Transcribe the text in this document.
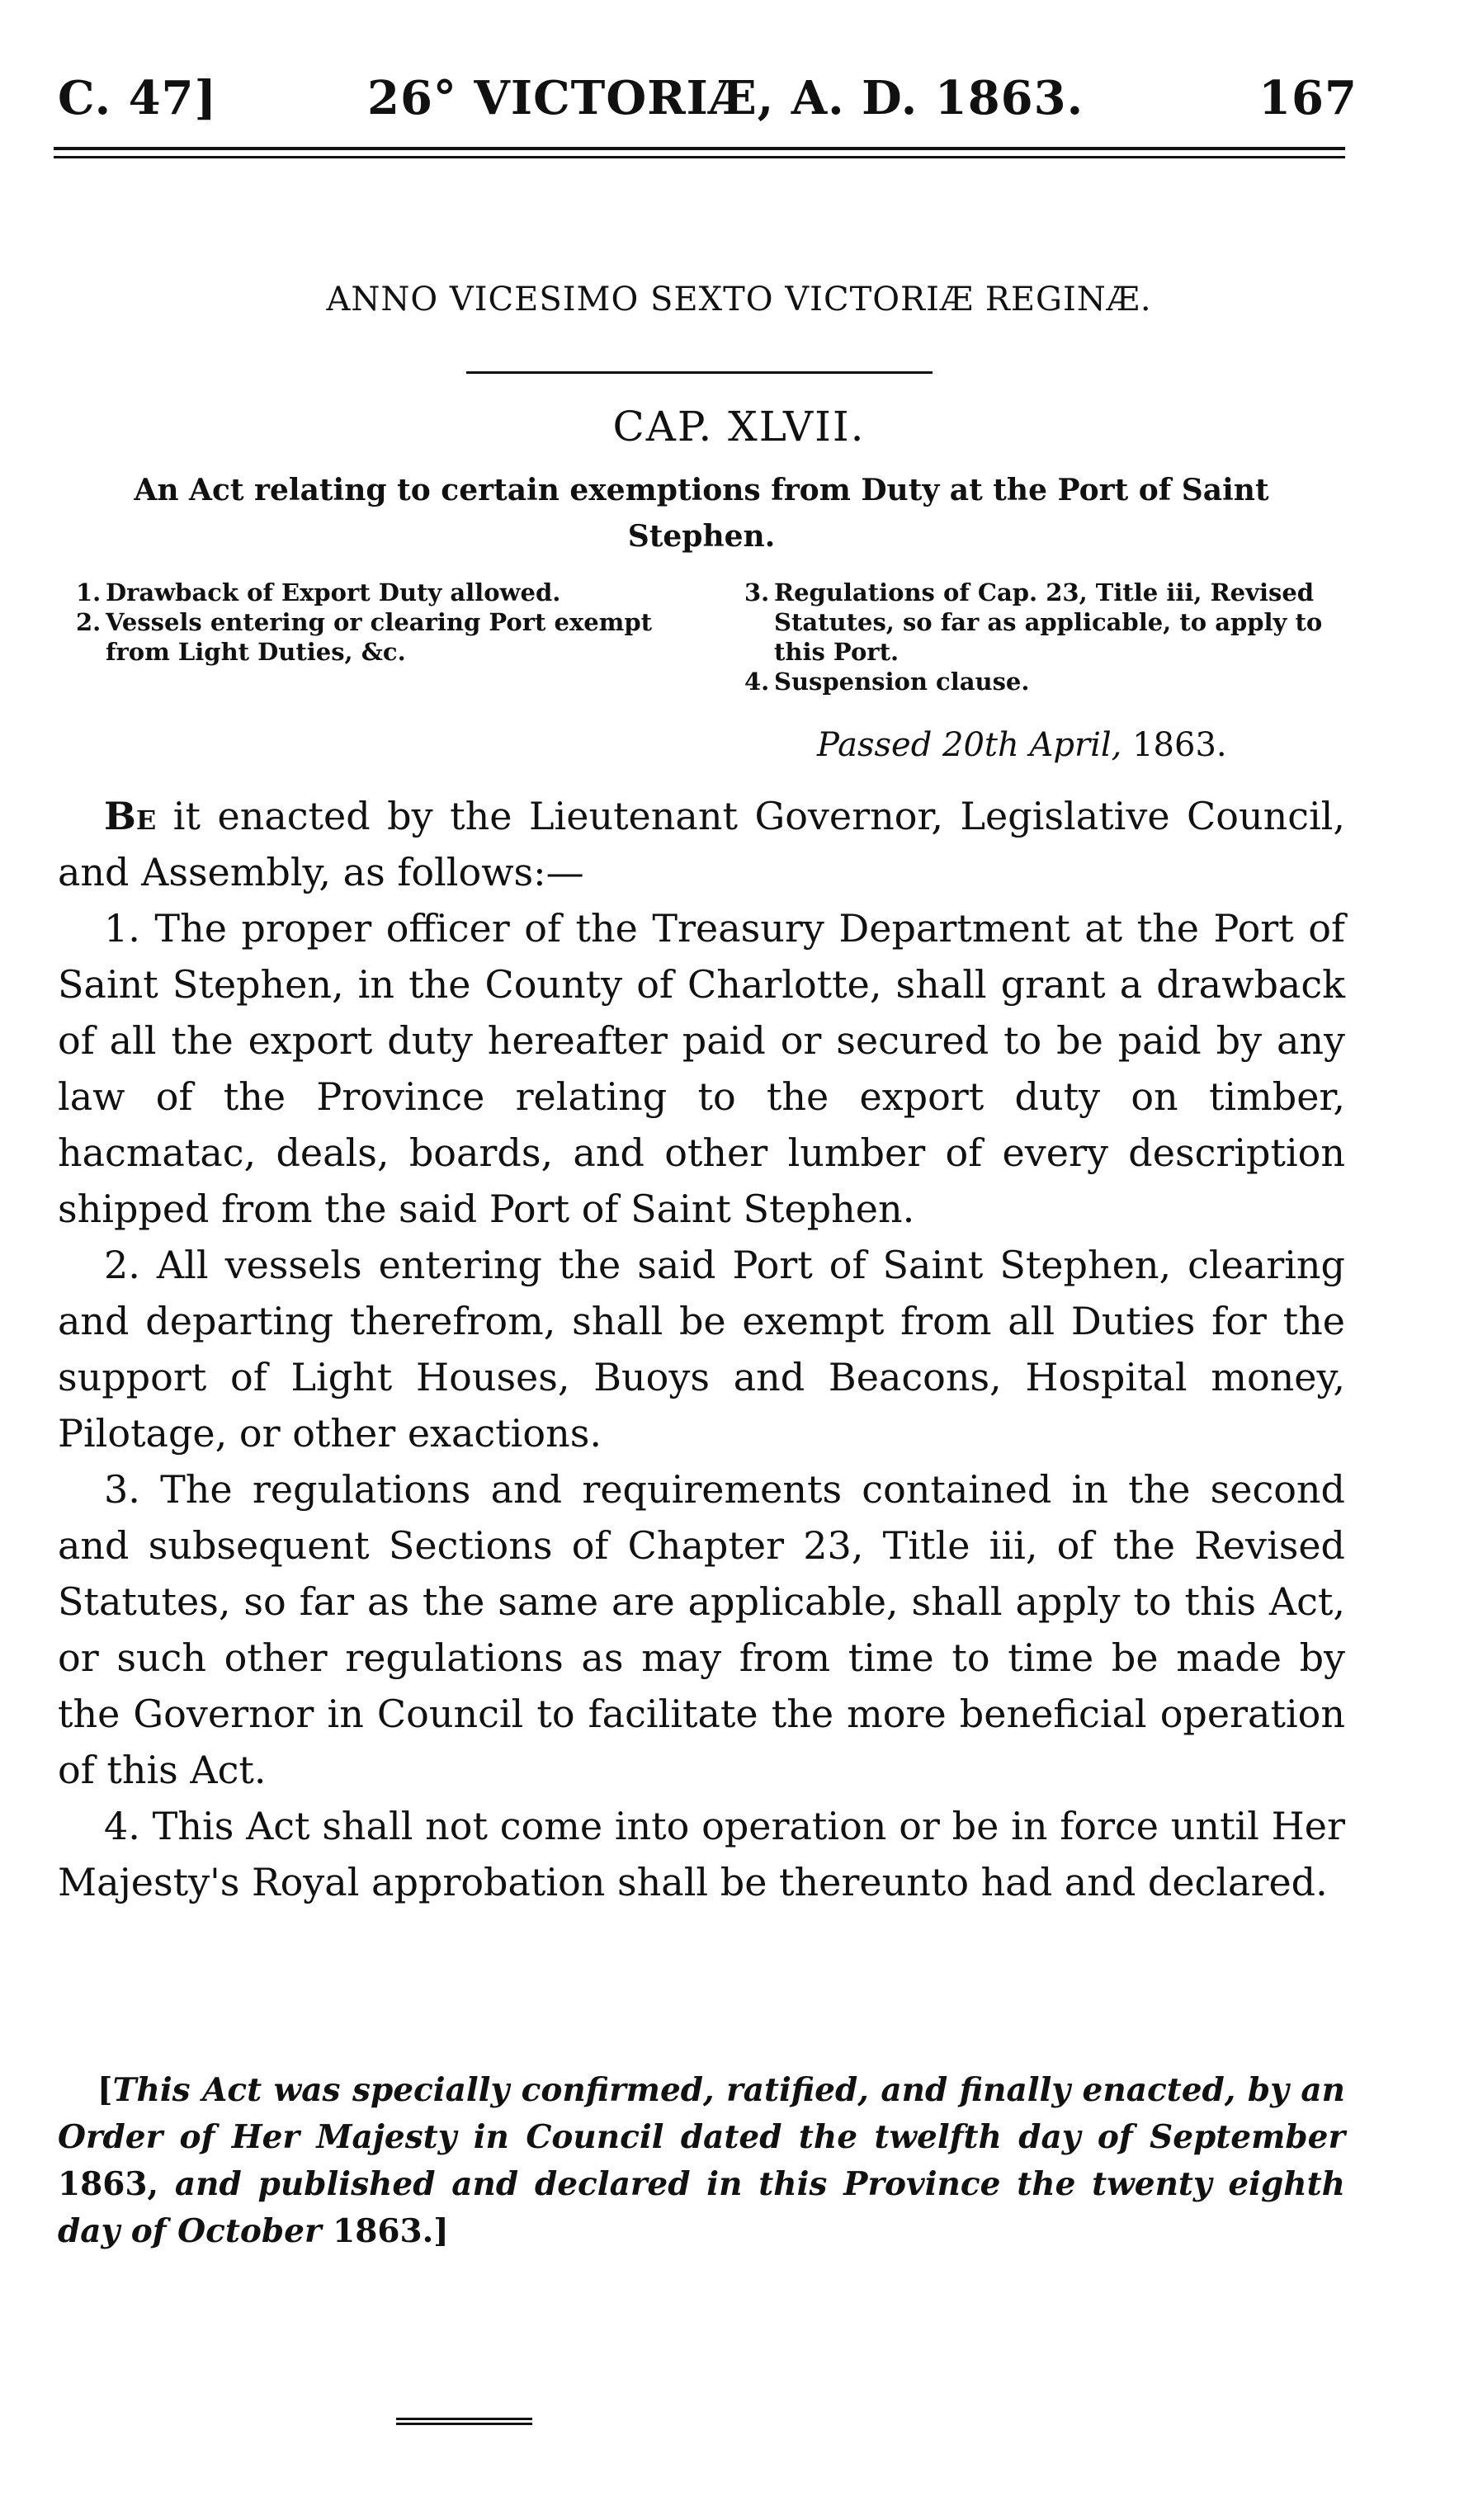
C. 47]	26° VICTORIÆ, A. D. 1863.	167
ANNO VICESIMO SEXTO VICTORIÆ REGINÆ.
CAP. XLVII.
An Act relating to certain exemptions from Duty at the Port of Saint Stephen.
1. Drawback of Export Duty allowed.
2. Vessels entering or clearing Port exempt from Light Duties, &c.
3. Regulations of Cap. 23, Title iii, Revised Statutes, so far as applicable, to apply to this Port.
4. Suspension clause.
Passed 20th April, 1863.

Be it enacted by the Lieutenant Governor, Legislative Council, and Assembly, as follows:—

1. The proper officer of the Treasury Department at the Port of Saint Stephen, in the County of Charlotte, shall grant a drawback of all the export duty hereafter paid or secured to be paid by any law of the Province relating to the export duty on timber, hacmatac, deals, boards, and other lumber of every description shipped from the said Port of Saint Stephen.

2. All vessels entering the said Port of Saint Stephen, clearing and departing therefrom, shall be exempt from all Duties for the support of Light Houses, Buoys and Beacons, Hospital money, Pilotage, or other exactions.

3. The regulations and requirements contained in the second and subsequent Sections of Chapter 23, Title iii, of the Revised Statutes, so far as the same are applicable, shall apply to this Act, or such other regulations as may from time to time be made by the Governor in Council to facilitate the more beneficial operation of this Act.

4. This Act shall not come into operation or be in force until Her Majesty's Royal approbation shall be thereunto had and declared.

[This Act was specially confirmed, ratified, and finally enacted, by an Order of Her Majesty in Council dated the twelfth day of September 1863, and published and declared in this Province the twenty eighth day of October 1863.]
